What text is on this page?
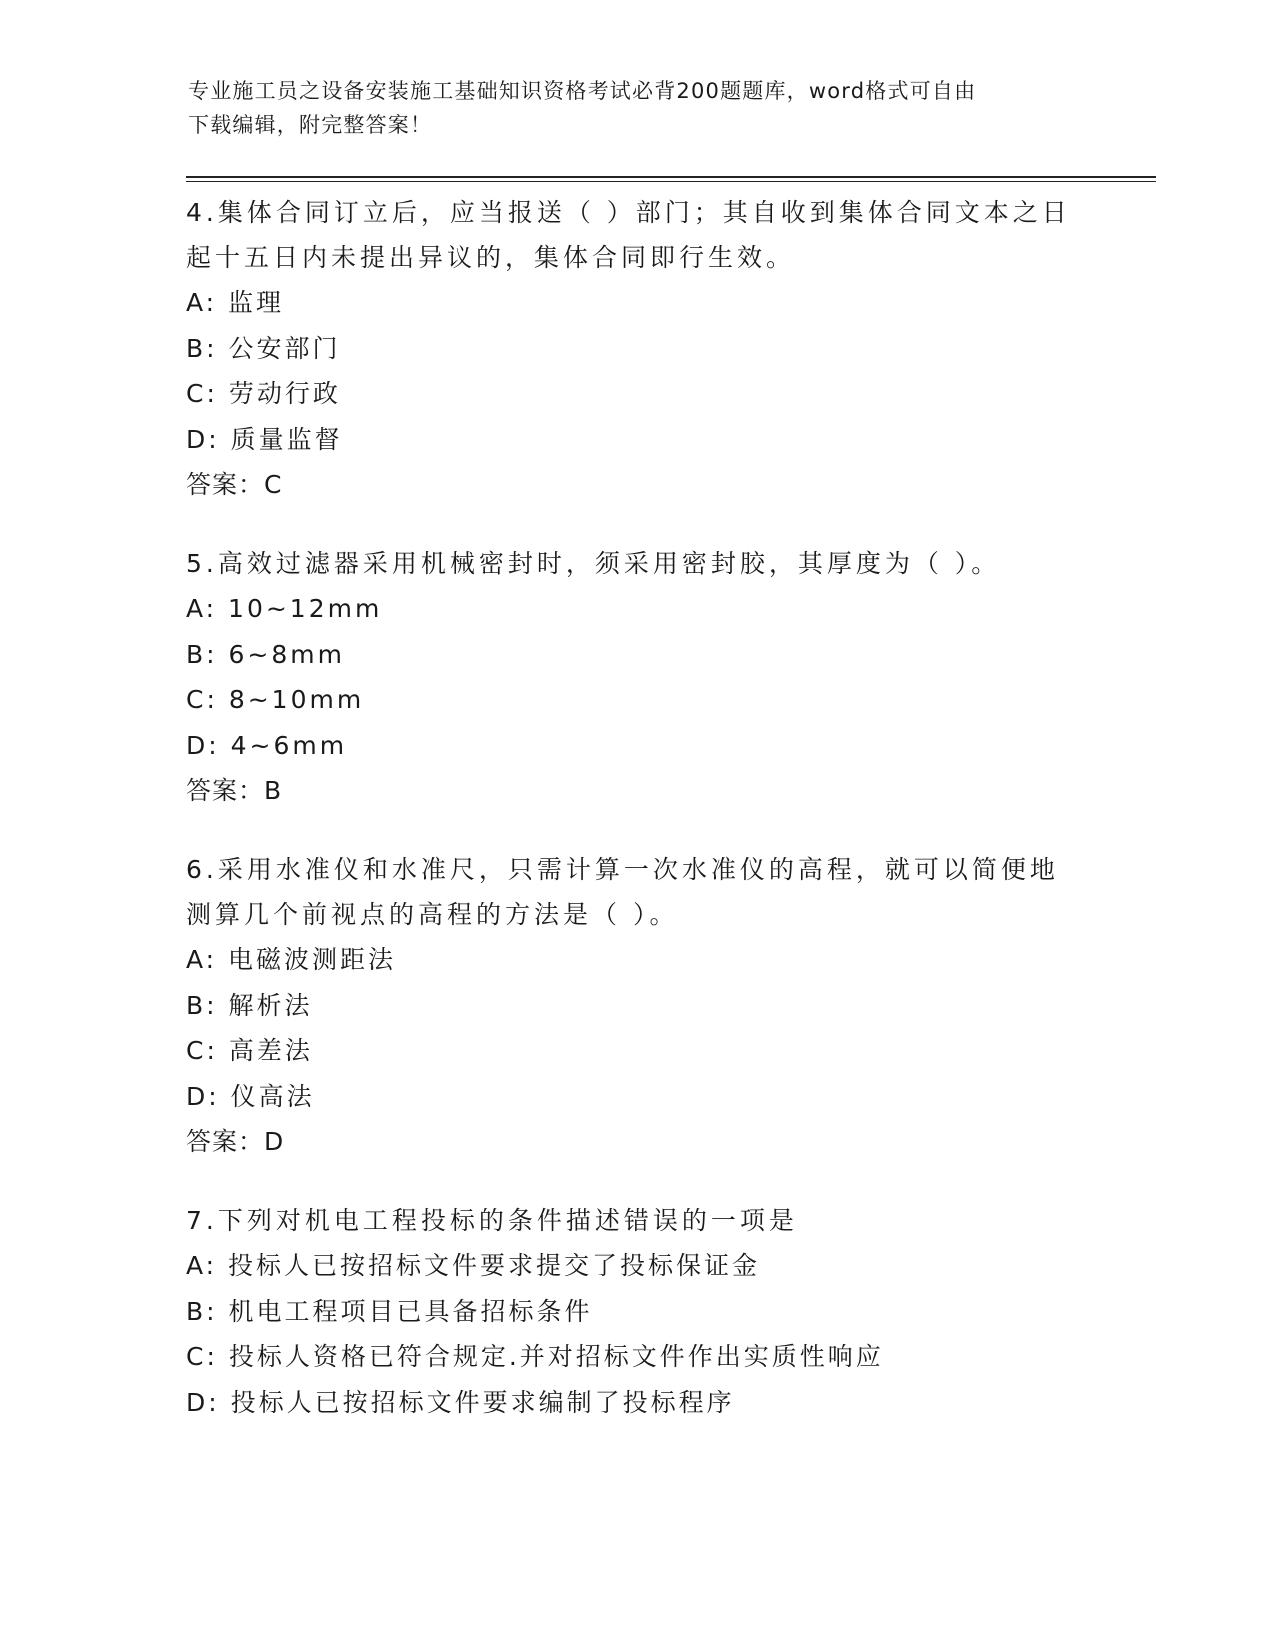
专业施工员之设备安装施工基础知识资格考试必背200题题库，word格式可自由
下载编辑，附完整答案！
4.集体合同订立后，应当报送（ ）部门；其自收到集体合同文本之日
起十五日内未提出异议的，集体合同即行生效。
A: 监理
B: 公安部门
C: 劳动行政
D: 质量监督
答案：C
5.高效过滤器采用机械密封时，须采用密封胶，其厚度为（ ）。
A: 10~12mm
B: 6~8mm
C: 8~10mm
D: 4~6mm
答案：B
6.采用水准仪和水准尺，只需计算一次水准仪的高程，就可以简便地
测算几个前视点的高程的方法是（ ）。
A: 电磁波测距法
B: 解析法
C: 高差法
D: 仪高法
答案：D
7.下列对机电工程投标的条件描述错误的一项是
A: 投标人已按招标文件要求提交了投标保证金
B: 机电工程项目已具备招标条件
C: 投标人资格已符合规定.并对招标文件作出实质性响应
D: 投标人已按招标文件要求编制了投标程序
